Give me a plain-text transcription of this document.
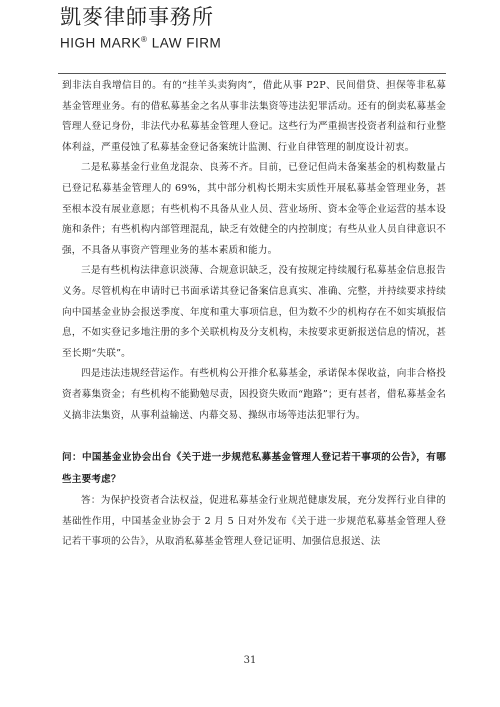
凱麥律師事務所
HIGH MARK® LAW FIRM

到非法自我增信目的。有的“挂羊头卖狗肉”，借此从事 P2P、民间借贷、担保等非私募基金管理业务。有的借私募基金之名从事非法集资等违法犯罪活动。还有的倒卖私募基金管理人登记身份，非法代办私募基金管理人登记。这些行为严重损害投资者利益和行业整体利益，严重侵蚀了私募基金登记备案统计监测、行业自律管理的制度设计初衷。

二是私募基金行业鱼龙混杂、良莠不齐。目前，已登记但尚未备案基金的机构数量占已登记私募基金管理人的 69%，其中部分机构长期未实质性开展私募基金管理业务，甚至根本没有展业意愿；有些机构不具备从业人员、营业场所、资本金等企业运营的基本设施和条件；有些机构内部管理混乱，缺乏有效健全的内控制度；有些从业人员自律意识不强，不具备从事资产管理业务的基本素质和能力。

三是有些机构法律意识淡薄、合规意识缺乏，没有按规定持续履行私募基金信息报告义务。尽管机构在申请时已书面承诺其登记备案信息真实、准确、完整，并持续要求持续向中国基金业协会报送季度、年度和重大事项信息，但为数不少的机构存在不如实填报信息，不如实登记多地注册的多个关联机构及分支机构，未按要求更新报送信息的情况，甚至长期“失联”。

四是违法违规经营运作。有些机构公开推介私募基金，承诺保本保收益，向非合格投资者募集资金；有些机构不能勤勉尽责，因投资失败而“跑路”；更有甚者，借私募基金名义搞非法集资，从事利益输送、内幕交易、操纵市场等违法犯罪行为。

问：中国基金业协会出台《关于进一步规范私募基金管理人登记若干事项的公告》，有哪些主要考虑？

答：为保护投资者合法权益，促进私募基金行业规范健康发展，充分发挥行业自律的基础性作用，中国基金业协会于 2 月 5 日对外发布《关于进一步规范私募基金管理人登记若干事项的公告》，从取消私募基金管理人登记证明、加强信息报送、法

31
